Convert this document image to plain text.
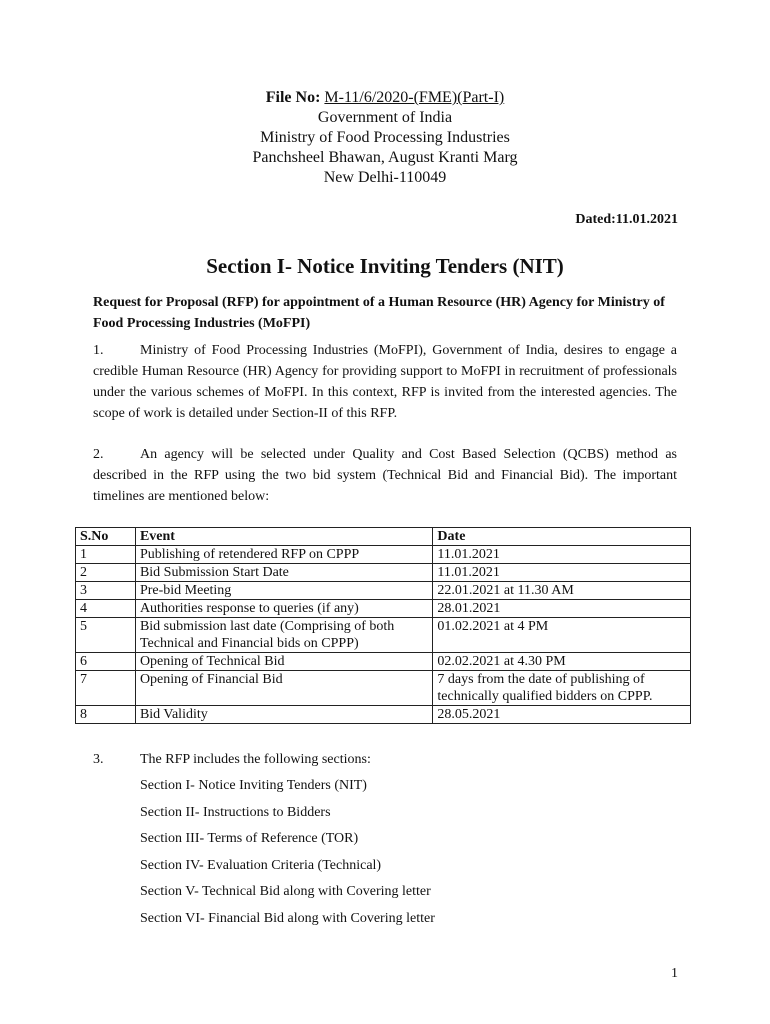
File No: M-11/6/2020-(FME)(Part-I)
Government of India
Ministry of Food Processing Industries
Panchsheel Bhawan, August Kranti Marg
New Delhi-110049
Dated:11.01.2021
Section I- Notice Inviting Tenders (NIT)
Request for Proposal (RFP) for appointment of a Human Resource (HR) Agency for Ministry of Food Processing Industries (MoFPI)
1.	Ministry of Food Processing Industries (MoFPI), Government of India, desires to engage a credible Human Resource (HR) Agency for providing support to MoFPI in recruitment of professionals under the various schemes of MoFPI. In this context, RFP is invited from the interested agencies. The scope of work is detailed under Section-II of this RFP.
2.	An agency will be selected under Quality and Cost Based Selection (QCBS) method as described in the RFP using the two bid system (Technical Bid and Financial Bid). The important timelines are mentioned below:
S.No	Event	Date
1	Publishing of retendered RFP on CPPP	11.01.2021
2	Bid Submission Start Date	11.01.2021
3	Pre-bid Meeting	22.01.2021 at 11.30 AM
4	Authorities response to queries (if any)	28.01.2021
5	Bid submission last date (Comprising of both Technical and Financial bids on CPPP)	01.02.2021 at 4 PM
6	Opening of Technical Bid	02.02.2021 at 4.30 PM
7	Opening of Financial Bid	7 days from the date of publishing of technically qualified bidders on CPPP.
8	Bid Validity	28.05.2021
3.	The RFP includes the following sections:
Section I- Notice Inviting Tenders (NIT)
Section II- Instructions to Bidders
Section III- Terms of Reference (TOR)
Section IV- Evaluation Criteria (Technical)
Section V- Technical Bid along with Covering letter
Section VI- Financial Bid along with Covering letter
1
